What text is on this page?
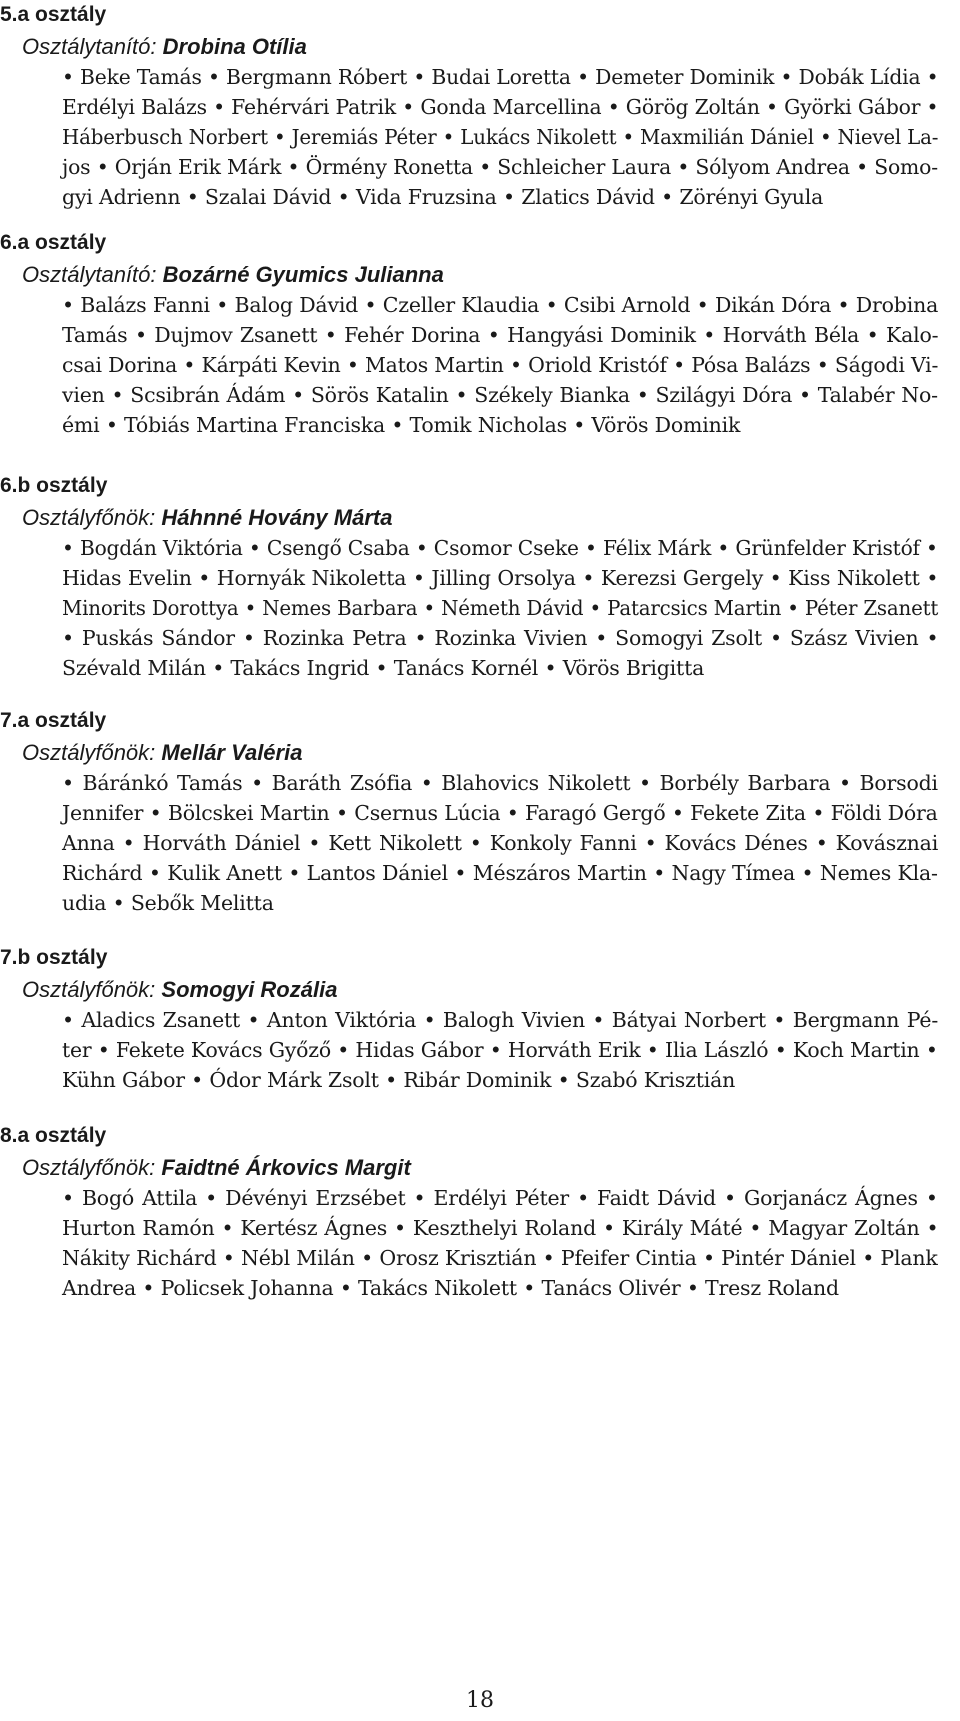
5.a osztály
Osztálytanító: Drobina Otília
• Beke Tamás • Bergmann Róbert • Budai Loretta • Demeter Dominik • Dobák Lídia •
Erdélyi Balázs • Fehérvári Patrik • Gonda Marcellina • Görög Zoltán • Györki Gábor •
Háberbusch Norbert • Jeremiás Péter • Lukács Nikolett • Maxmilián Dániel • Nievel La-
jos • Orján Erik Márk • Örmény Ronetta • Schleicher Laura • Sólyom Andrea • Somo-
gyi Adrienn • Szalai Dávid • Vida Fruzsina • Zlatics Dávid • Zörényi Gyula
6.a osztály
Osztálytanító: Bozárné Gyumics Julianna
• Balázs Fanni • Balog Dávid • Czeller Klaudia • Csibi Arnold • Dikán Dóra • Drobina
Tamás • Dujmov Zsanett • Fehér Dorina • Hangyási Dominik • Horváth Béla • Kalo-
csai Dorina • Kárpáti Kevin • Matos Martin • Oriold Kristóf • Pósa Balázs • Ságodi Vi-
vien • Scsibrán Ádám • Sörös Katalin • Székely Bianka • Szilágyi Dóra • Talabér No-
émi • Tóbiás Martina Franciska • Tomik Nicholas • Vörös Dominik
6.b osztály
Osztályfőnök: Háhnné Hovány Márta
• Bogdán Viktória • Csengő Csaba • Csomor Cseke • Félix Márk • Grünfelder Kristóf •
Hidas Evelin • Hornyák Nikoletta • Jilling Orsolya • Kerezsi Gergely • Kiss Nikolett •
Minorits Dorottya • Nemes Barbara • Németh Dávid • Patarcsics Martin • Péter Zsanett
• Puskás Sándor • Rozinka Petra • Rozinka Vivien • Somogyi Zsolt • Szász Vivien •
Szévald Milán • Takács Ingrid • Tanács Kornél • Vörös Brigitta
7.a osztály
Osztályfőnök: Mellár Valéria
• Báránkó Tamás • Baráth Zsófia • Blahovics Nikolett • Borbély Barbara • Borsodi
Jennifer • Bölcskei Martin • Csernus Lúcia • Faragó Gergő • Fekete Zita • Földi Dóra
Anna • Horváth Dániel • Kett Nikolett • Konkoly Fanni • Kovács Dénes • Kovásznai
Richárd • Kulik Anett • Lantos Dániel • Mészáros Martin • Nagy Tímea • Nemes Kla-
udia • Sebők Melitta
7.b osztály
Osztályfőnök: Somogyi Rozália
• Aladics Zsanett • Anton Viktória • Balogh Vivien • Bátyai Norbert • Bergmann Pé-
ter • Fekete Kovács Győző • Hidas Gábor • Horváth Erik • Ilia László • Koch Martin •
Kühn Gábor • Ódor Márk Zsolt • Ribár Dominik • Szabó Krisztián
8.a osztály
Osztályfőnök: Faidtné Árkovics Margit
• Bogó Attila • Dévényi Erzsébet • Erdélyi Péter • Faidt Dávid • Gorjanácz Ágnes •
Hurton Ramón • Kertész Ágnes • Keszthelyi Roland • Király Máté • Magyar Zoltán •
Nákity Richárd • Nébl Milán • Orosz Krisztián • Pfeifer Cintia • Pintér Dániel • Plank
Andrea • Policsek Johanna • Takács Nikolett • Tanács Olivér • Tresz Roland
18
